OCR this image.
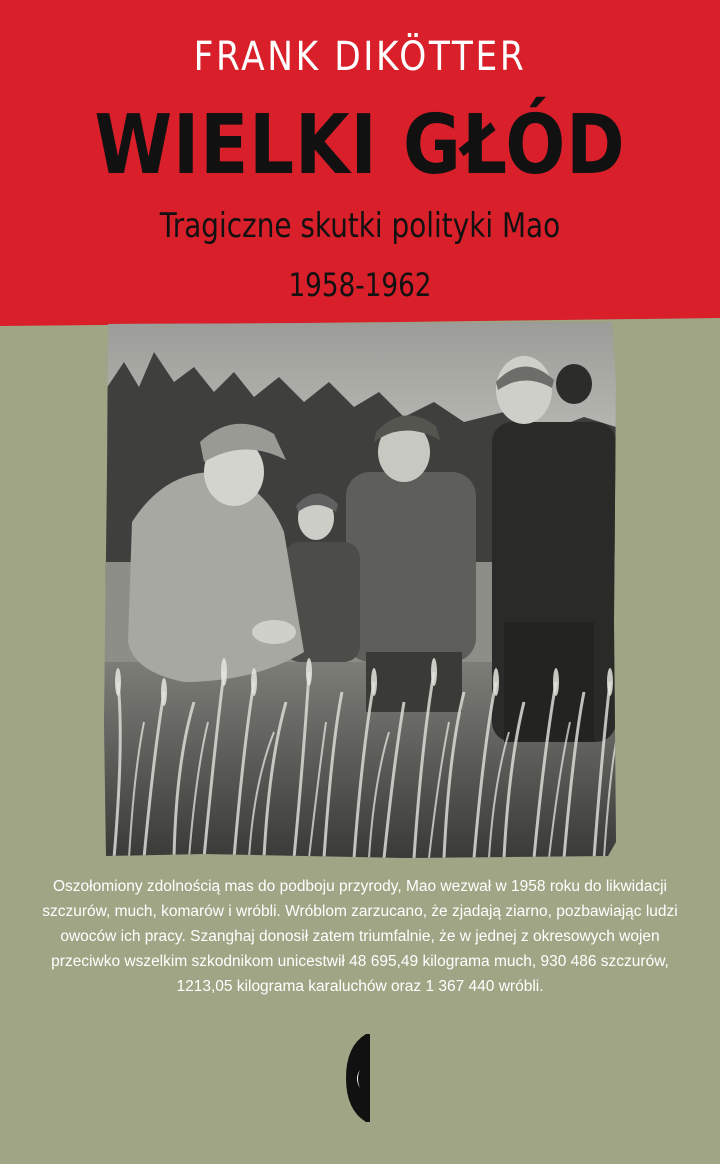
FRANK DIKÖTTER
WIELKI GŁÓD
Tragiczne skutki polityki Mao
1958-1962
Oszołomiony zdolnością mas do podboju przyrody, Mao wezwał w 1958 roku do likwidacji szczurów, much, komarów i wróbli. Wróblom zarzucano, że zjadają ziarno, pozbawiając ludzi owoców ich pracy. Szanghaj donosił zatem triumfalnie, że w jednej z okresowych wojen przeciwko wszelkim szkodnikom unicestwił 48 695,49 kilograma much, 930 486 szczurów, 1213,05 kilograma karaluchów oraz 1 367 440 wróbli.
